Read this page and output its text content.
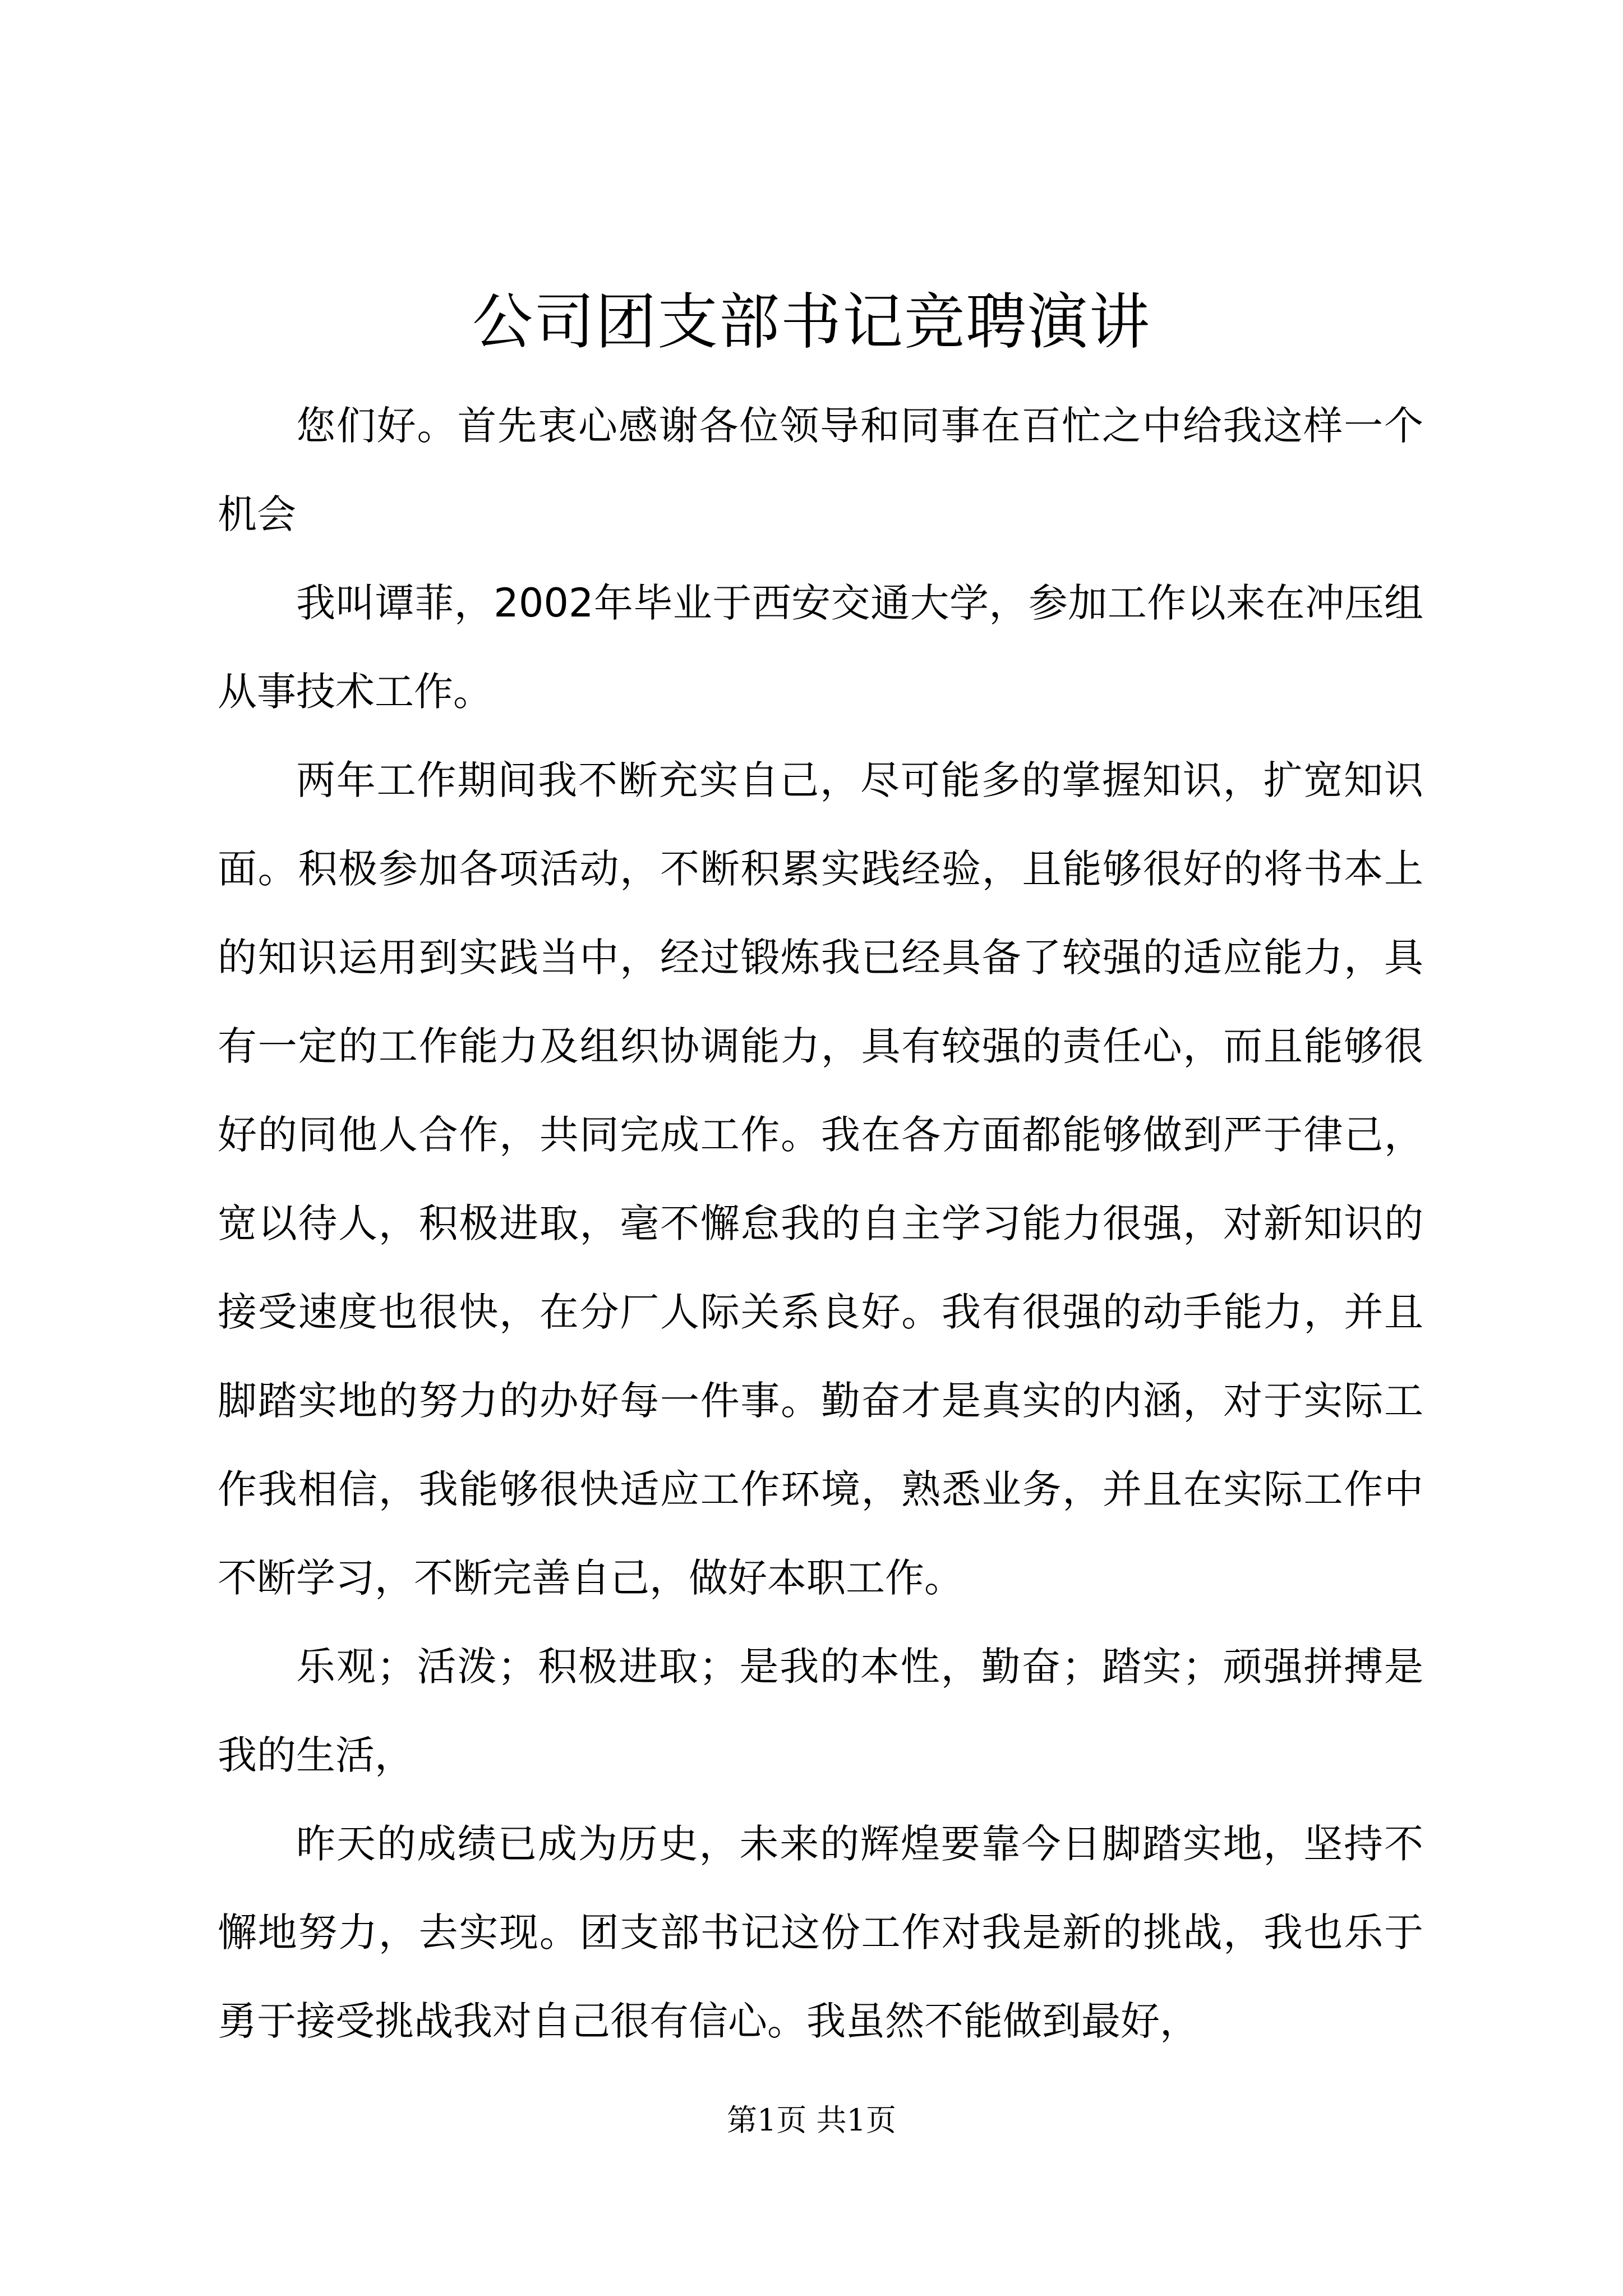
公司团支部书记竞聘演讲

您们好。首先衷心感谢各位领导和同事在百忙之中给我这样一个机会

我叫谭菲，2002年毕业于西安交通大学，参加工作以来在冲压组从事技术工作。

两年工作期间我不断充实自己，尽可能多的掌握知识，扩宽知识面。积极参加各项活动，不断积累实践经验，且能够很好的将书本上的知识运用到实践当中，经过锻炼我已经具备了较强的适应能力，具有一定的工作能力及组织协调能力，具有较强的责任心，而且能够很好的同他人合作，共同完成工作。我在各方面都能够做到严于律己，宽以待人，积极进取，毫不懈怠我的自主学习能力很强，对新知识的接受速度也很快，在分厂人际关系良好。我有很强的动手能力，并且脚踏实地的努力的办好每一件事。勤奋才是真实的内涵，对于实际工作我相信，我能够很快适应工作环境，熟悉业务，并且在实际工作中不断学习，不断完善自己，做好本职工作。

乐观；活泼；积极进取；是我的本性，勤奋；踏实；顽强拼搏是我的生活，

昨天的成绩已成为历史，未来的辉煌要靠今日脚踏实地，坚持不懈地努力，去实现。团支部书记这份工作对我是新的挑战，我也乐于勇于接受挑战我对自己很有信心。我虽然不能做到最好，

第1页 共1页
